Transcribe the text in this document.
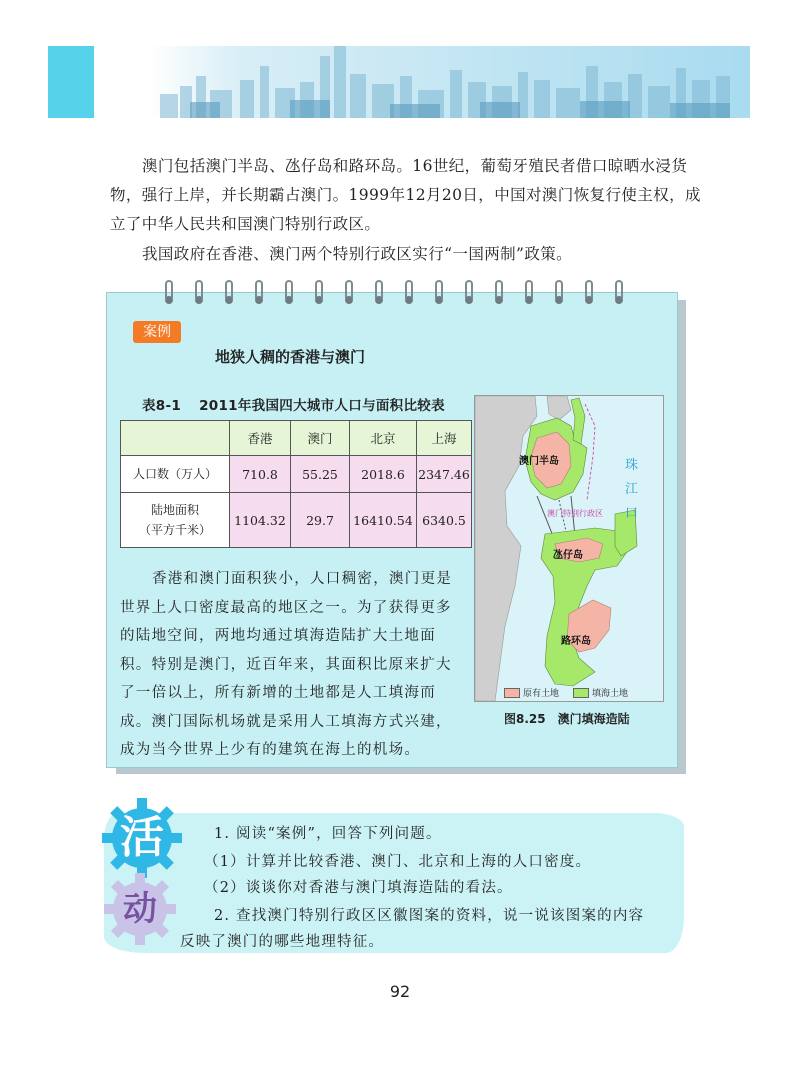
澳门包括澳门半岛、氹仔岛和路环岛。16世纪，葡萄牙殖民者借口晾晒水浸货物，强行上岸，并长期霸占澳门。1999年12月20日，中国对澳门恢复行使主权，成立了中华人民共和国澳门特别行政区。

我国政府在香港、澳门两个特别行政区实行“一国两制”政策。

案例
地狭人稠的香港与澳门
表8-1 2011年我国四大城市人口与面积比较表
	香港	澳门	北京	上海
人口数（万人）	710.8	55.25	2018.6	2347.46

陆地面积
（平方千米）	1104.32	29.7	16410.54	6340.5

香港和澳门面积狭小，人口稠密，澳门更是世界上人口密度最高的地区之一。为了获得更多的陆地空间，两地均通过填海造陆扩大土地面积。特别是澳门，近百年来，其面积比原来扩大了一倍以上，所有新增的土地都是人工填海而成。澳门国际机场就是采用人工填海方式兴建，成为当今世界上少有的建筑在海上的机场。

澳门半岛
氹仔岛
路环岛
澳门特别行政区
珠
江
口
原有土地	填海土地
图8.25　澳门填海造陆
活
动
1. 阅读“案例”，回答下列问题。
（1）计算并比较香港、澳门、北京和上海的人口密度。
（2）谈谈你对香港与澳门填海造陆的看法。
2. 查找澳门特别行政区区徽图案的资料，说一说该图案的内容
反映了澳门的哪些地理特征。
92
